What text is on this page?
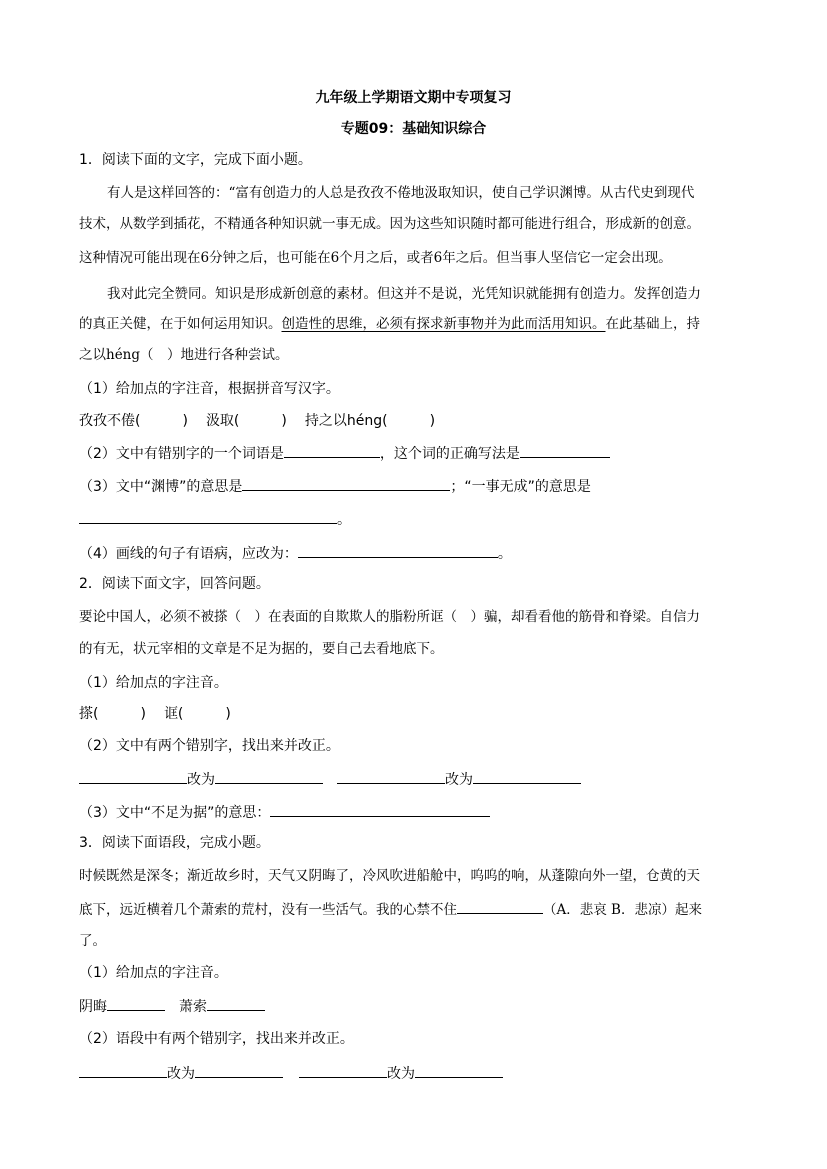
九年级上学期语文期中专项复习
专题09：基础知识综合
1．阅读下面的文字，完成下面小题。
有人是这样回答的：“富有创造力的人总是孜孜不倦地汲取知识，使自己学识渊博。从古代史到现代
技术，从数学到插花，不精通各种知识就一事无成。因为这些知识随时都可能进行组合，形成新的创意。
这种情况可能出现在6分钟之后，也可能在6个月之后，或者6年之后。但当事人坚信它一定会出现。
我对此完全赞同。知识是形成新创意的素材。但这并不是说，光凭知识就能拥有创造力。发挥创造力
的真正关健，在于如何运用知识。创造性的思维，必须有探求新事物并为此而活用知识。在此基础上，持
之以héng（　）地进行各种尝试。
（1）给加点的字注音，根据拼音写汉字。
孜孜不倦(	) 汲取(	) 持之以héng(	)
（2）文中有错别字的一个词语是	，这个词的正确写法是
（3）文中“渊博”的意思是	；“一事无成”的意思是
。
（4）画线的句子有语病，应改为：	。
2．阅读下面文字，回答问题。
要论中国人，必须不被搽（　）在表面的自欺欺人的脂粉所诓（　）骗，却看看他的筋骨和脊梁。自信力
的有无，状元宰相的文章是不足为据的，要自己去看地底下。
（1）给加点的字注音。
搽(	) 诓(	)
（2）文中有两个错别字，找出来并改正。
改为	改为
（3）文中“不足为据”的意思：
3．阅读下面语段，完成小题。
时候既然是深冬；渐近故乡时，天气又阴晦了，冷风吹进船舱中，呜呜的响，从蓬隙向外一望，仓黄的天
底下，远近横着几个萧索的荒村，没有一些活气。我的心禁不住	（A．悲哀 B．悲凉）起来
了。
（1）给加点的字注音。
阴晦	萧索
（2）语段中有两个错别字，找出来并改正。
改为	改为
